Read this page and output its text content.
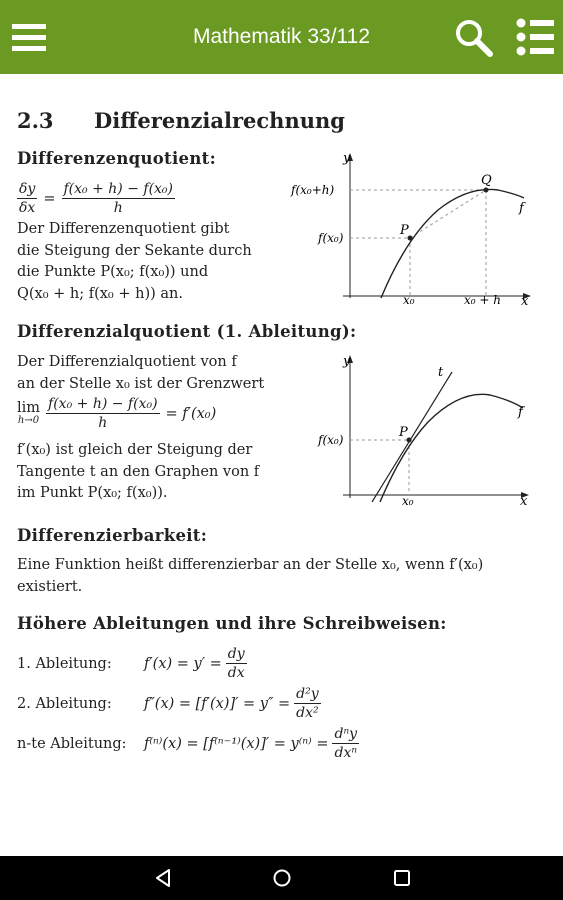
Mathematik 33/112
2.3 Differenzialrechnung
Differenzenquotient:
$\frac{\delta y}{\delta x} = \frac{\text{f(x₀ + h) − f(x₀)}}{h}$
Der Differenzenquotient gibt
die Steigung der Sekante durch
die Punkte P(x₀; f(x₀)) und
Q(x₀ + h; f(x₀ + h)) an.
y
x
f(x₀+h)
f(x₀)
x₀	x₀ + h
P
Q
f
Differenzialquotient (1. Ableitung):
Der Differenzialquotient von f
an der Stelle x₀ ist der Grenzwert
lim
$h\to 0 \frac{\text{f(x₀ + h) − f(x₀)}}{h} = f'(x_0)$
f′(x₀) ist gleich der Steigung der
Tangente t an den Graphen von f
im Punkt P(x₀; f(x₀)).
y
x
f(x₀)
x₀
P
t
f
Differenzierbarkeit:
Eine Funktion heißt differenzierbar an der Stelle x₀, wenn f′(x₀)
existiert.
Höhere Ableitungen und ihre Schreibweisen:
1. Ableitung:	$f'(x) = y' = \frac{dy}{dx}$
2. Ableitung:	$f''(x) = [f'(x)]' = y'' = \frac{\text{d²y}}{\text{dx²}}$
n-te Ableitung:	$f^{(n)}(x) = [f^{(n-1)}(x)]' = y^{(n)} = \frac{\text{dⁿy}}{\text{dxⁿ}}$
